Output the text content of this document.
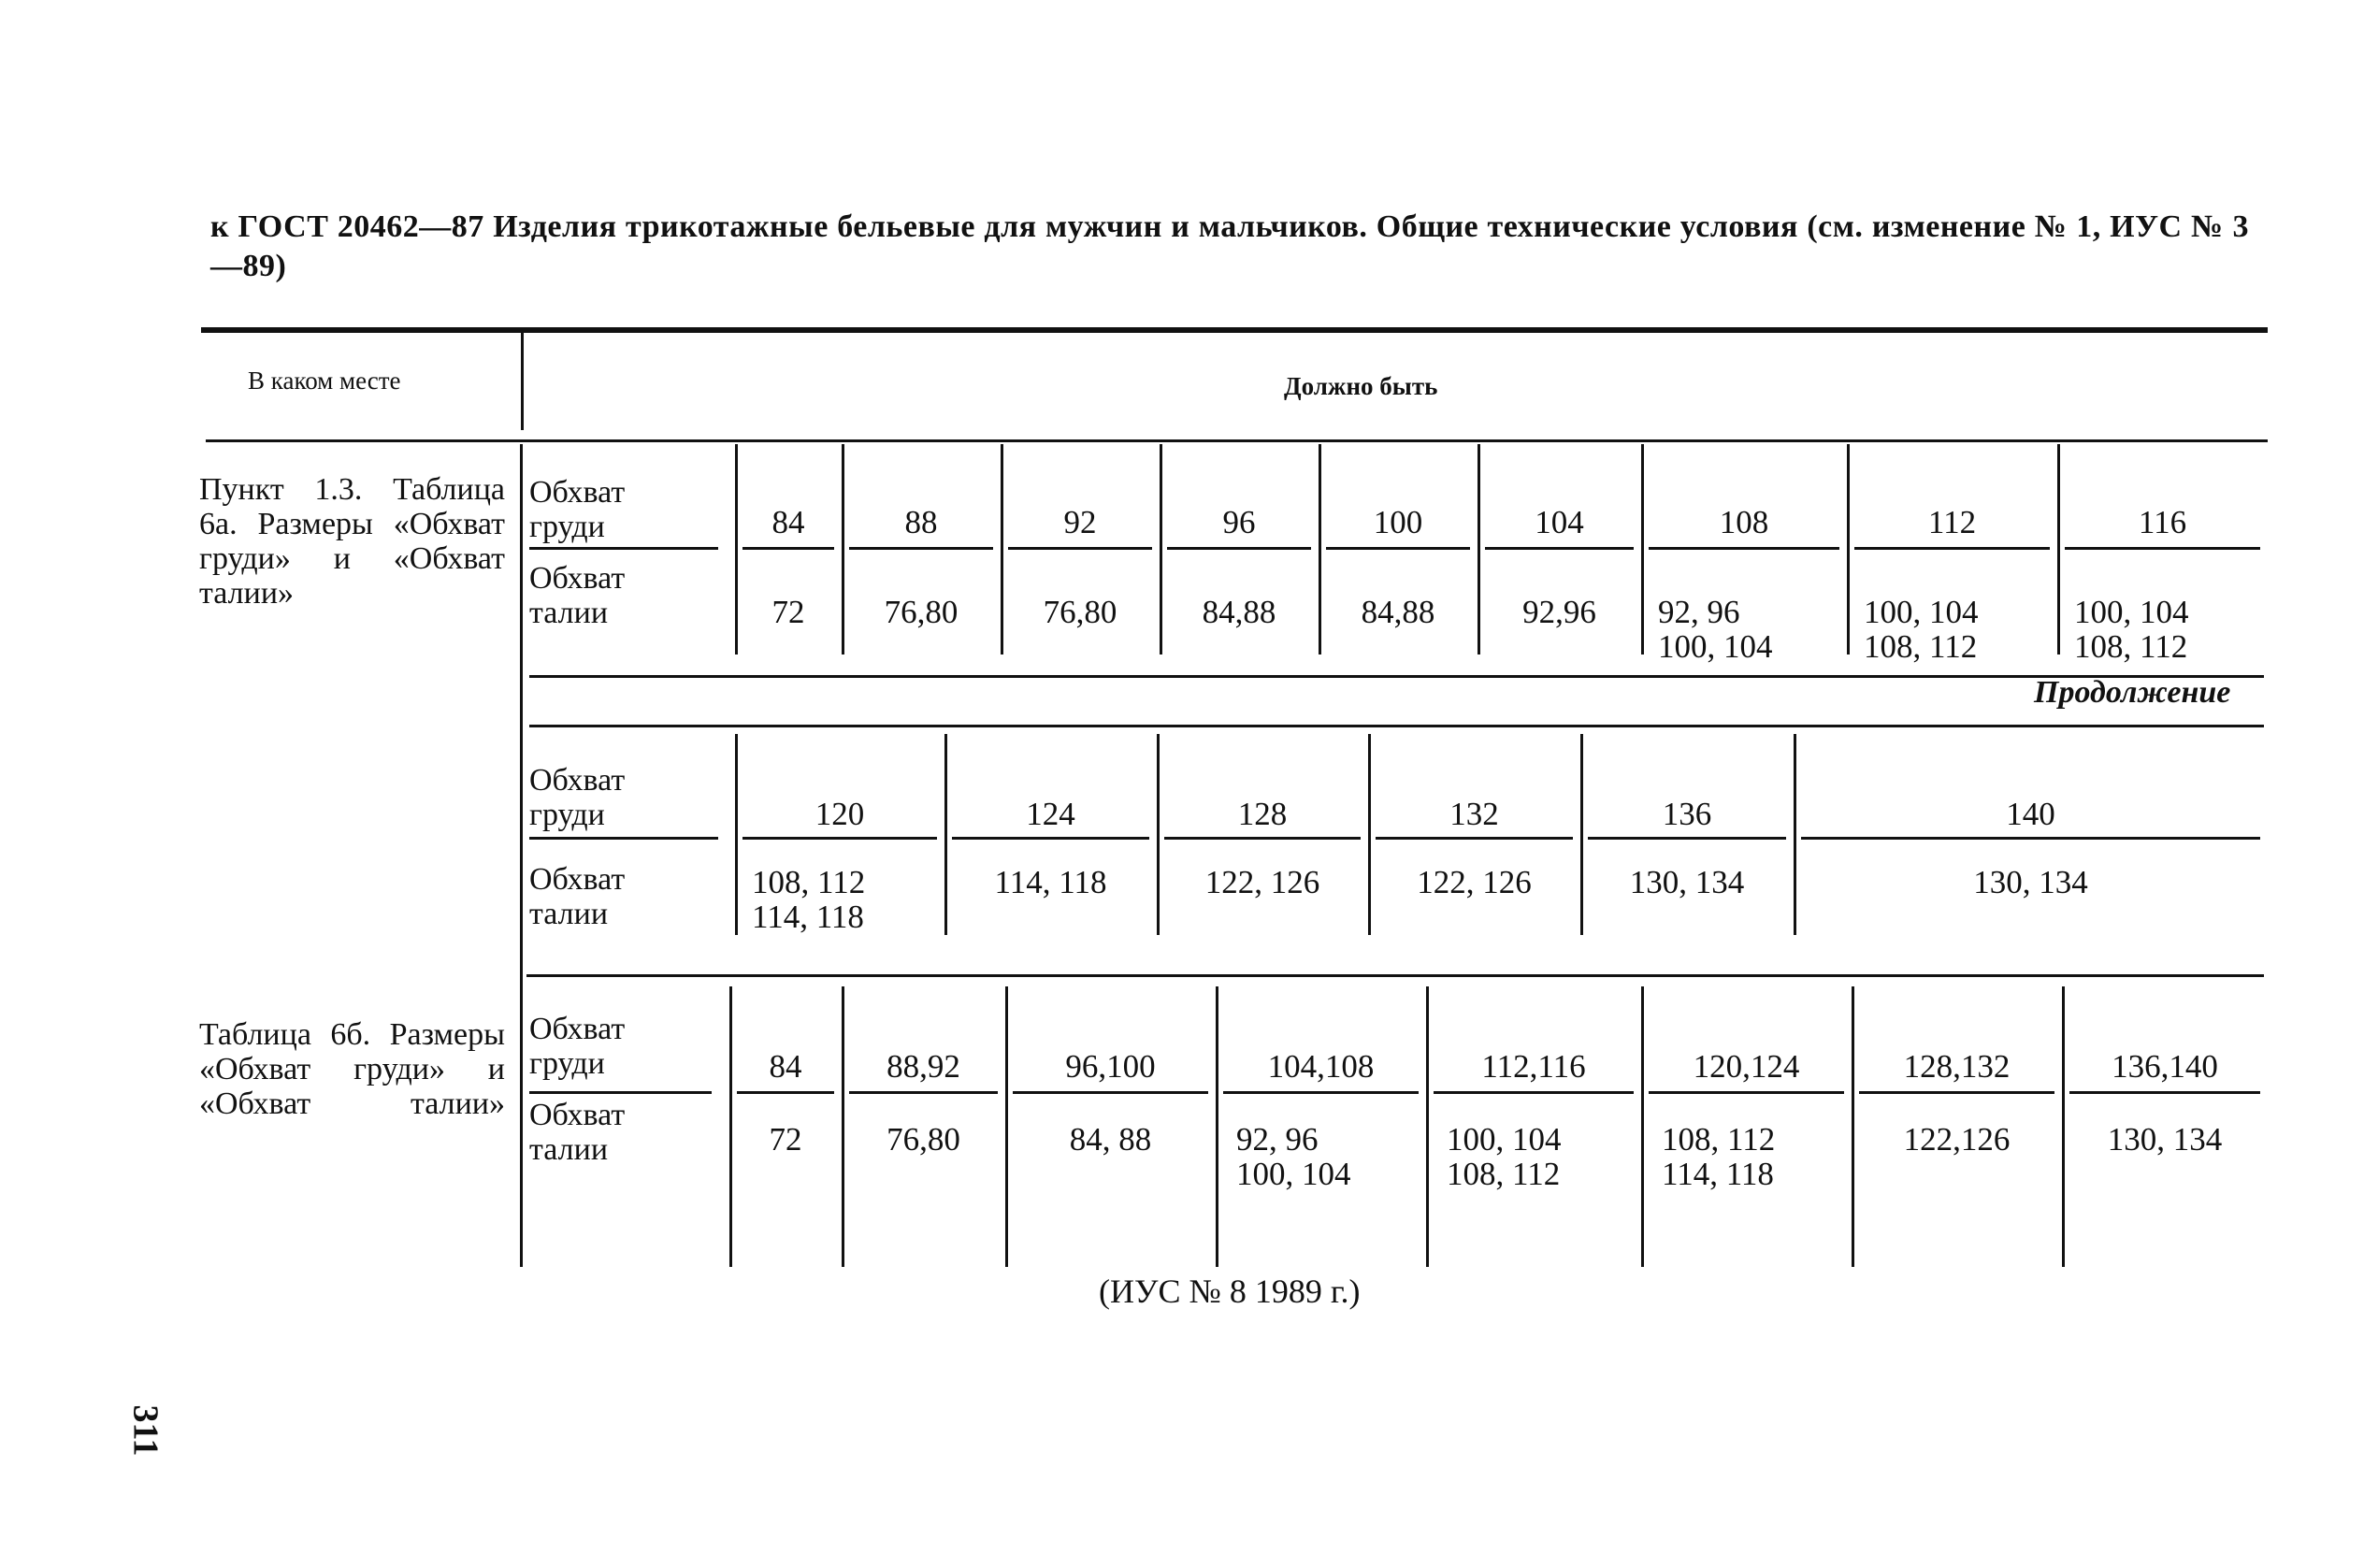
к ГОСТ 20462—87 Изделия трикотажные бельевые для мужчин и мальчиков. Общие технические условия (см. изменение № 1, ИУС № 3—89)
В каком месте	Должно быть
Пункт 1.3. Таблица 6а. Размеры «Обхват груди» и «Обхват талии»
Таблица 6б. Размеры «Обхват груди» и «Обхват талии»
Обхват груди
Обхват талии
84
72
88
76,80
92
76,80
96
84,88
100
84,88
104
92,96
108
92, 96
100, 104
112
100, 104
108, 112
116
100, 104
108, 112
Продолжение
Обхват груди
Обхват талии
120
108, 112
114, 118
124
114, 118
128
122, 126
132
122, 126
136
130, 134
140
130, 134
Обхват груди
Обхват талии
84
72
88,92
76,80
96,100
84, 88
104,108
92, 96
100, 104
112,116
100, 104
108, 112
120,124
108, 112
114, 118
128,132
122,126
136,140
130, 134
(ИУС № 8 1989 г.)
311
